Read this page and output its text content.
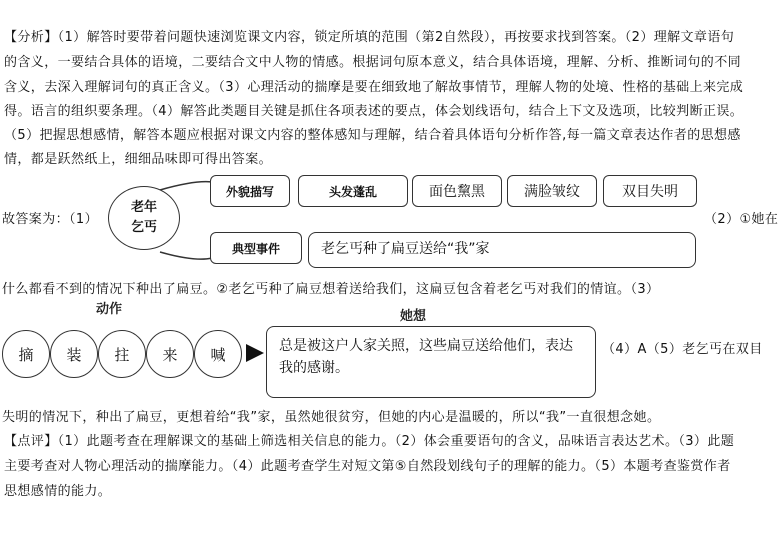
【分析】（1）解答时要带着问题快速浏览课文内容，锁定所填的范围（第2自然段），再按要求找到答案。（2）理解文章语句
的含义，一要结合具体的语境，二要结合文中人物的情感。根据词句原本意义，结合具体语境，理解、分析、推断词句的不同
含义，去深入理解词句的真正含义。（3）心理活动的揣摩是要在细致地了解故事情节，理解人物的处境、性格的基础上来完成
得。语言的组织要条理。（4）解答此类题目关键是抓住各项表述的要点，体会划线语句，结合上下文及选项，比较判断正误。
（5）把握思想感情，解答本题应根据对课文内容的整体感知与理解，结合着具体语句分析作答,每一篇文章表达作者的思想感
情，都是跃然纸上，细细品味即可得出答案。
故答案为：（1）
老年
乞丐
外貌描写	头发蓬乱	面色黧黑	满脸皱纹	双目失明
典型事件	老乞丐种了扁豆送给“我”家
（2）①她在
什么都看不到的情况下种出了扁豆。②老乞丐种了扁豆想着送给我们，这扁豆包含着老乞丐对我们的情谊。（3）
动作	她想
摘	装	拄	来	喊	总是被这户人家关照，这些扁豆送给他们，表达我的感谢。
（4）A（5）老乞丐在双目
失明的情况下，种出了扁豆，更想着给“我”家，虽然她很贫穷，但她的内心是温暖的，所以“我”一直很想念她。
【点评】（1）此题考查在理解课文的基础上筛选相关信息的能力。（2）体会重要语句的含义，品味语言表达艺术。（3）此题
主要考查对人物心理活动的揣摩能力。（4）此题考查学生对短文第⑤自然段划线句子的理解的能力。（5）本题考查鉴赏作者
思想感情的能力。
